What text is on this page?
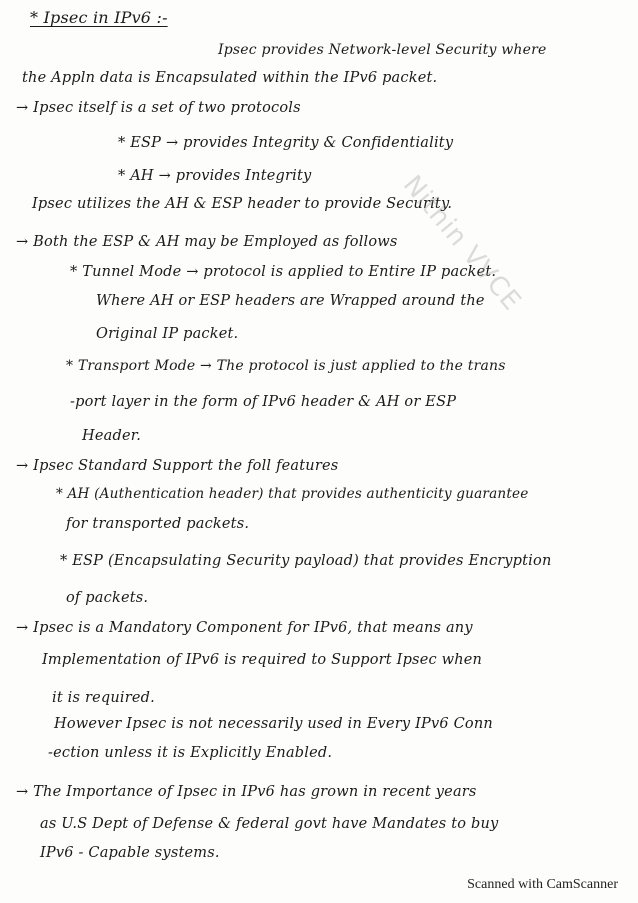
* Ipsec in IPv6 :-
Ipsec provides Network-level Security where
the Appln data is Encapsulated within the IPv6 packet.
→ Ipsec itself is a set of two protocols
* ESP → provides Integrity & Confidentiality
* AH → provides Integrity
Ipsec utilizes the AH & ESP header to provide Security.
→ Both the ESP & AH may be Employed as follows
* Tunnel Mode → protocol is applied to Entire IP packet.
Where AH or ESP headers are Wrapped around the
Original IP packet.
* Transport Mode → The protocol is just applied to the trans
-port layer in the form of IPv6 header & AH or ESP
Header.
→ Ipsec Standard Support the foll features
* AH (Authentication header) that provides authenticity guarantee
for transported packets.
* ESP (Encapsulating Security payload) that provides Encryption
of packets.
→ Ipsec is a Mandatory Component for IPv6, that means any
Implementation of IPv6 is required to Support Ipsec when
it is required.
However Ipsec is not necessarily used in Every IPv6 Conn
-ection unless it is Explicitly Enabled.
→ The Importance of Ipsec in IPv6 has grown in recent years
as U.S Dept of Defense & federal govt have Mandates to buy
IPv6 - Capable systems.
Nithin VVCE
Scanned with CamScanner
